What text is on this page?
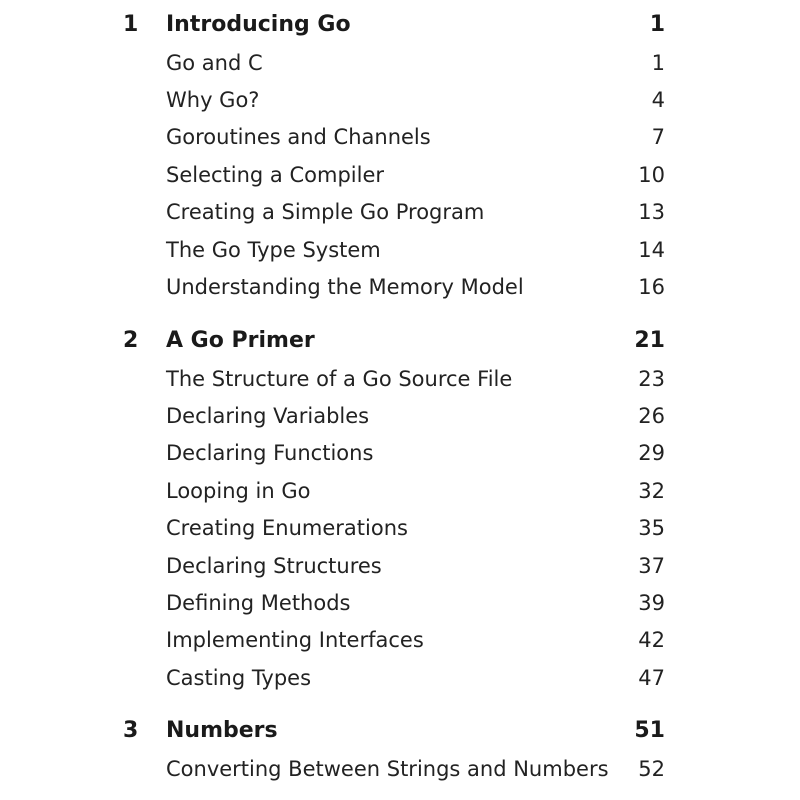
1	Introducing Go	1
Go and C	1
Why Go?	4
Goroutines and Channels	7
Selecting a Compiler	10
Creating a Simple Go Program	13
The Go Type System	14
Understanding the Memory Model	16
2	A Go Primer	21
The Structure of a Go Source File	23
Declaring Variables	26
Declaring Functions	29
Looping in Go	32
Creating Enumerations	35
Declaring Structures	37
Defining Methods	39
Implementing Interfaces	42
Casting Types	47
3	Numbers	51
Converting Between Strings and Numbers 52
